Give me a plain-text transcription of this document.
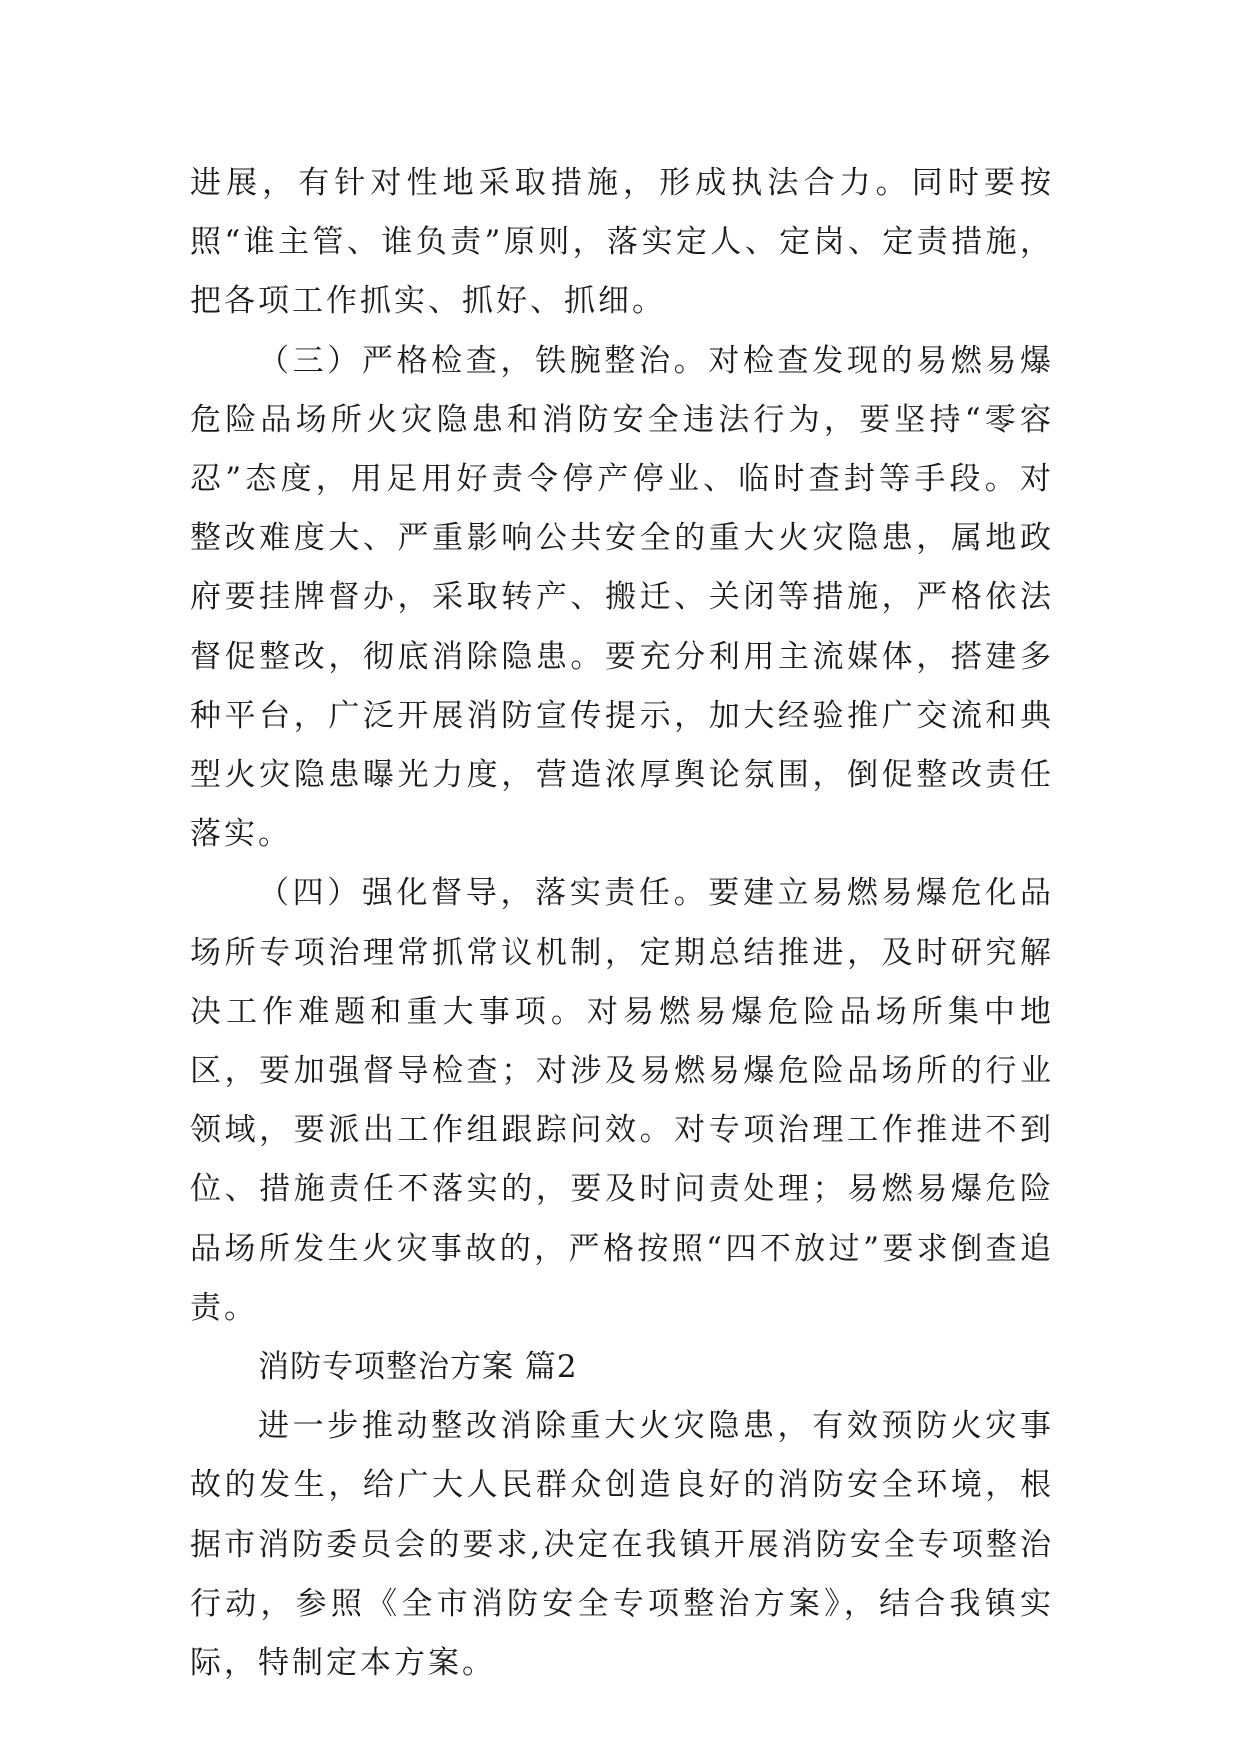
进展，有针对性地采取措施，形成执法合力。同时要按照“谁主管、谁负责”原则，落实定人、定岗、定责措施，把各项工作抓实、抓好、抓细。

（三）严格检查，铁腕整治。对检查发现的易燃易爆危险品场所火灾隐患和消防安全违法行为，要坚持“零容忍”态度，用足用好责令停产停业、临时查封等手段。对整改难度大、严重影响公共安全的重大火灾隐患，属地政府要挂牌督办，采取转产、搬迁、关闭等措施，严格依法督促整改，彻底消除隐患。要充分利用主流媒体，搭建多种平台，广泛开展消防宣传提示，加大经验推广交流和典型火灾隐患曝光力度，营造浓厚舆论氛围，倒促整改责任落实。

（四）强化督导，落实责任。要建立易燃易爆危化品场所专项治理常抓常议机制，定期总结推进，及时研究解决工作难题和重大事项。对易燃易爆危险品场所集中地区，要加强督导检查；对涉及易燃易爆危险品场所的行业领域，要派出工作组跟踪问效。对专项治理工作推进不到位、措施责任不落实的，要及时问责处理；易燃易爆危险品场所发生火灾事故的，严格按照“四不放过”要求倒查追责。

消防专项整治方案 篇2

进一步推动整改消除重大火灾隐患，有效预防火灾事故的发生，给广大人民群众创造良好的消防安全环境，根据市消防委员会的要求,决定在我镇开展消防安全专项整治行动，参照《全市消防安全专项整治方案》，结合我镇实际，特制定本方案。
